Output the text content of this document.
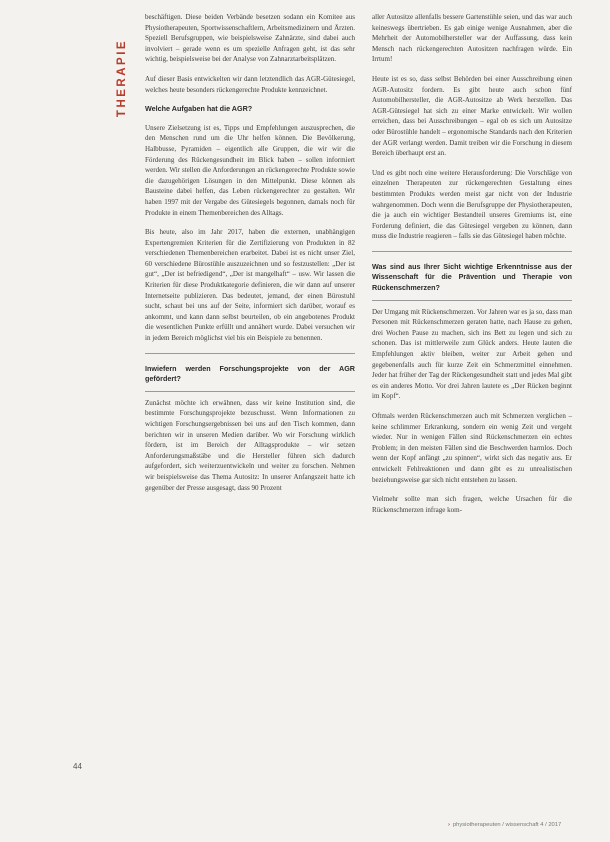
THERAPIE

beschäftigen. Diese beiden Verbände besetzen sodann ein Komitee aus Physiotherapeuten, Sportwissenschaftlern, Arbeitsmedizinern und Ärzten. Speziell Berufsgruppen, wie beispielsweise Zahnärzte, sind dabei auch involviert – gerade wenn es um spezielle Anfragen geht, ist das sehr wichtig, beispielsweise bei der Analyse von Zahnarztarbeitsplätzen.

Auf dieser Basis entwickelten wir dann letztendlich das AGR-Gütesiegel, welches heute besonders rückengerechte Produkte kennzeichnet.

Welche Aufgaben hat die AGR?

Unsere Zielsetzung ist es, Tipps und Empfehlungen auszusprechen, die den Menschen rund um die Uhr helfen können. Die Bevölkerung, Halbbusse, Pyramiden – eigentlich alle Gruppen, die wir wir die Förderung des Rückengesundheit im Blick haben – sollen informiert werden. Wir stellen die Anforderungen an rückengerechte Produkte sowie die dazugehörigen Lösungen in den Mittelpunkt. Diese können als Bausteine dabei helfen, das Leben rückengerechter zu gestalten. Wir haben 1997 mit der Vergabe des Gütesiegels begonnen, damals noch für Produkte in einem Themenbereichen des Alltags.

Bis heute, also im Jahr 2017, haben die externen, unabhängigen Expertengremien Kriterien für die Zertifizierung von Produkten in 82 verschiedenen Themenbereichen erarbeitet. Dabei ist es nicht unser Ziel, 60 verschiedene Bürostühle auszuzeichnen und so festzustellen: „Der ist gut“, „Der ist befriedigend“, „Der ist mangelhaft“ – usw. Wir lassen die Kriterien für diese Produktkategorie definieren, die wir dann auf unserer Internetseite publizieren. Das bedeutet, jemand, der einen Bürostuhl sucht, schaut bei uns auf der Seite, informiert sich darüber, worauf es ankommt, und kann dann selbst beurteilen, ob ein angebotenes Produkt die wesentlichen Punkte erfüllt und annähert wurde. Dabei versuchen wir in jedem Bereich möglichst viel bis ein Beispiele zu benennen.

Inwiefern werden Forschungsprojekte von der AGR gefördert?

Zunächst möchte ich erwähnen, dass wir keine Institution sind, die bestimmte Forschungsprojekte bezuschusst. Wenn Informationen zu wichtigen Forschungsergebnissen bei uns auf den Tisch kommen, dann berichten wir in unseren Medien darüber. Wo wir Forschung wirklich fördern, ist im Bereich der Alltagsprodukte – wir setzen Anforderungsmaßstäbe und die Hersteller führen sich dadurch aufgefordert, sich weiterzuentwickeln und weiter zu forschen. Nehmen wir beispielsweise das Thema Autositz: In unserer Anfangszeit hatte ich gegenüber der Presse ausgesagt, dass 90 Prozent

aller Autositze allenfalls bessere Gartenstühle seien, und das war auch keineswegs übertrieben. Es gab einige wenige Ausnahmen, aber die Mehrheit der Automobilhersteller war der Auffassung, dass kein Mensch nach rückengerechten Autositzen nachfragen würde. Ein Irrtum!

Heute ist es so, dass selbst Behörden bei einer Ausschreibung einen AGR-Autositz fordern. Es gibt heute auch schon fünf Automobilhersteller, die AGR-Autositze ab Werk herstellen. Das AGR-Gütesiegel hat sich zu einer Marke entwickelt. Wir wollen erreichen, dass bei Ausschreibungen – egal ob es sich um Autositze oder Bürostühle handelt – ergonomische Standards nach den Kriterien der AGR verlangt werden. Damit treiben wir die Forschung in diesem Bereich überhaupt erst an.

Und es gibt noch eine weitere Herausforderung: Die Vorschläge von einzelnen Therapeuten zur rückengerechten Gestaltung eines bestimmten Produkts werden meist gar nicht von der Industrie wahrgenommen. Doch wenn die Berufsgruppe der Physiotherapeuten, die ja auch ein wichtiger Bestandteil unseres Gremiums ist, eine Forderung definiert, die das Gütesiegel vergeben zu können, dann muss die Industrie reagieren – falls sie das Gütesiegel haben möchte.

Was sind aus Ihrer Sicht wichtige Erkenntnisse aus der Wissenschaft für die Prävention und Therapie von Rückenschmerzen?

Der Umgang mit Rückenschmerzen. Vor Jahren war es ja so, dass man Personen mit Rückenschmerzen geraten hatte, nach Hause zu gehen, drei Wochen Pause zu machen, sich ins Bett zu legen und sich zu schonen. Das ist mittlerweile zum Glück anders. Heute lauten die Empfehlungen aktiv bleiben, weiter zur Arbeit gehen und gegebenenfalls auch für kurze Zeit ein Schmerzmittel einnehmen. Jeder hat früher der Tag der Rückengesundheit statt und jedes Mal gibt es ein anderes Motto. Vor drei Jahren lautete es „Der Rücken beginnt im Kopf“.

Oftmals werden Rückenschmerzen auch mit Schmerzen verglichen – keine schlimmer Erkrankung, sondern ein wenig Zeit und vergeht wieder. Nur in wenigen Fällen sind Rückenschmerzen ein echtes Problem; in den meisten Fällen sind die Beschwerden harmlos. Doch wenn der Kopf anfängt „zu spinnen“, wirkt sich das negativ aus. Er entwickelt Fehlreaktionen und dann gibt es zu unrealistischen beziehungsweise gar sich nicht entstehen zu lassen.

Vielmehr sollte man sich fragen, welche Ursachen für die Rückenschmerzen infrage kom-

44
› physiotherapeuten / wissenschaft 4 / 2017
